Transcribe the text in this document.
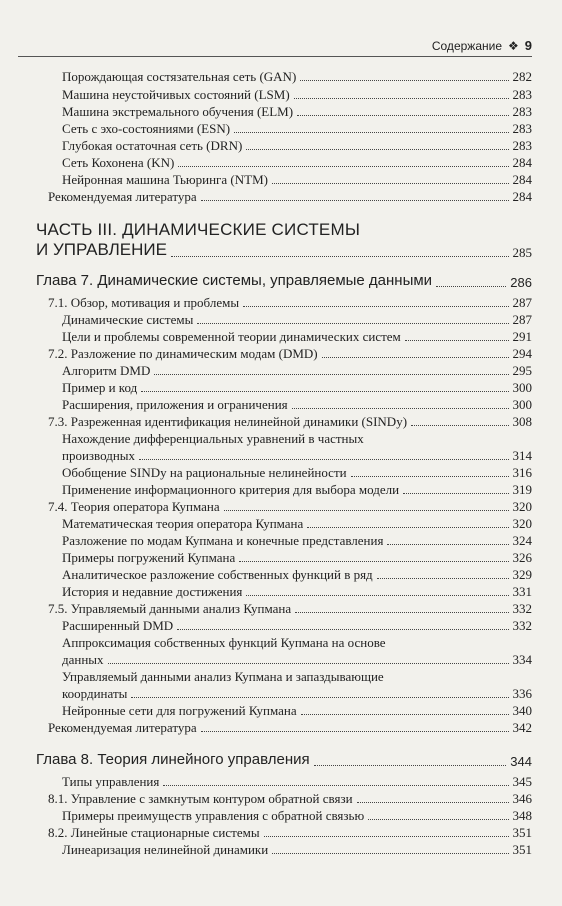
Содержание ❖ 9
Порождающая состязательная сеть (GAN)	282
Машина неустойчивых состояний (LSM)	283
Машина экстремального обучения (ELM)	283
Сеть с эхо-состояниями (ESN)	283
Глубокая остаточная сеть (DRN)	283
Сеть Кохонена (KN)	284
Нейронная машина Тьюринга (NTM)	284
Рекомендуемая литература	284
ЧАСТЬ III. ДИНАМИЧЕСКИЕ СИСТЕМЫ
И УПРАВЛЕНИЕ	285
Глава 7. Динамические системы, управляемые данными	286
7.1. Обзор, мотивация и проблемы	287
Динамические системы	287
Цели и проблемы современной теории динамических систем	291
7.2. Разложение по динамическим модам (DMD)	294
Алгоритм DMD	295
Пример и код	300
Расширения, приложения и ограничения	300
7.3. Разреженная идентификация нелинейной динамики (SINDy)	308
Нахождение дифференциальных уравнений в частных
производных	314
Обобщение SINDy на рациональные нелинейности	316
Применение информационного критерия для выбора модели	319
7.4. Теория оператора Купмана	320
Математическая теория оператора Купмана	320
Разложение по модам Купмана и конечные представления	324
Примеры погружений Купмана	326
Аналитическое разложение собственных функций в ряд	329
История и недавние достижения	331
7.5. Управляемый данными анализ Купмана	332
Расширенный DMD	332
Аппроксимация собственных функций Купмана на основе
данных	334
Управляемый данными анализ Купмана и запаздывающие
координаты	336
Нейронные сети для погружений Купмана	340
Рекомендуемая литература	342
Глава 8. Теория линейного управления	344
Типы управления	345
8.1. Управление с замкнутым контуром обратной связи	346
Примеры преимуществ управления с обратной связью	348
8.2. Линейные стационарные системы	351
Линеаризация нелинейной динамики	351
